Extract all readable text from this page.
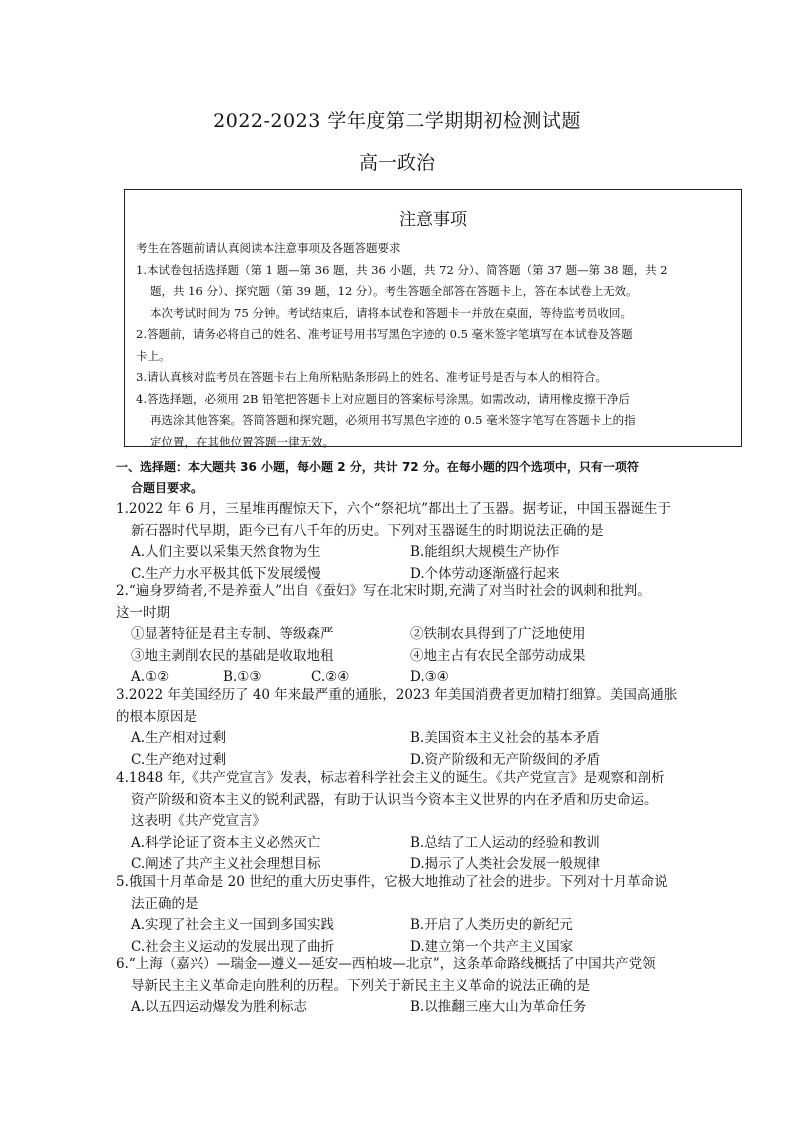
2022-2023 学年度第二学期期初检测试题
高一政治
注意事项
考生在答题前请认真阅读本注意事项及各题答题要求
1.本试卷包括选择题（第 1 题—第 36 题，共 36 小题，共 72 分）、简答题（第 37 题—第 38 题，共 2
题，共 16 分）、探究题（第 39 题，12 分）。考生答题全部答在答题卡上，答在本试卷上无效。
本次考试时间为 75 分钟。考试结束后，请将本试卷和答题卡一并放在桌面，等待监考员收回。
2.答题前，请务必将自己的姓名、准考证号用书写黑色字迹的 0.5 毫米签字笔填写在本试卷及答题
卡上。
3.请认真核对监考员在答题卡右上角所粘贴条形码上的姓名、准考证号是否与本人的相符合。
4.答选择题，必须用 2B 铅笔把答题卡上对应题目的答案标号涂黑。如需改动，请用橡皮擦干净后
再选涂其他答案。答简答题和探究题，必须用书写黑色字迹的 0.5 毫米签字笔写在答题卡上的指
定位置，在其他位置答题一律无效。
一、选择题：本大题共 36 小题，每小题 2 分，共计 72 分。在每小题的四个选项中，只有一项符
合题目要求。
1.2022 年 6 月，三星堆再醒惊天下，六个“祭祀坑”都出土了玉器。据考证，中国玉器诞生于
新石器时代早期，距今已有八千年的历史。下列对玉器诞生的时期说法正确的是
A.人们主要以采集天然食物为生	B.能组织大规模生产协作
C.生产力水平极其低下发展缓慢	D.个体劳动逐渐盛行起来
2.“遍身罗绮者,不是养蚕人”出自《蚕妇》写在北宋时期,充满了对当时社会的讽刺和批判。
这一时期
①显著特征是君主专制、等级森严	②铁制农具得到了广泛地使用
③地主剥削农民的基础是收取地租	④地主占有农民全部劳动成果
A.①②	B.①③	C.②④	D.③④
3.2022 年美国经历了 40 年来最严重的通胀，2023 年美国消费者更加精打细算。美国高通胀
的根本原因是
A.生产相对过剩	B.美国资本主义社会的基本矛盾
C.生产绝对过剩	D.资产阶级和无产阶级间的矛盾
4.1848 年,《共产党宣言》发表，标志着科学社会主义的诞生。《共产党宣言》是观察和剖析
资产阶级和资本主义的锐利武器，有助于认识当今资本主义世界的内在矛盾和历史命运。
这表明《共产党宣言》
A.科学论证了资本主义必然灭亡	B.总结了工人运动的经验和教训
C.阐述了共产主义社会理想目标	D.揭示了人类社会发展一般规律
5.俄国十月革命是 20 世纪的重大历史事件，它极大地推动了社会的进步。下列对十月革命说
法正确的是
A.实现了社会主义一国到多国实践	B.开启了人类历史的新纪元
C.社会主义运动的发展出现了曲折	D.建立第一个共产主义国家
6.“上海（嘉兴）—瑞金—遵义—延安—西柏坡—北京”，这条革命路线概括了中国共产党领
导新民主主义革命走向胜利的历程。下列关于新民主主义革命的说法正确的是
A.以五四运动爆发为胜利标志	B.以推翻三座大山为革命任务
